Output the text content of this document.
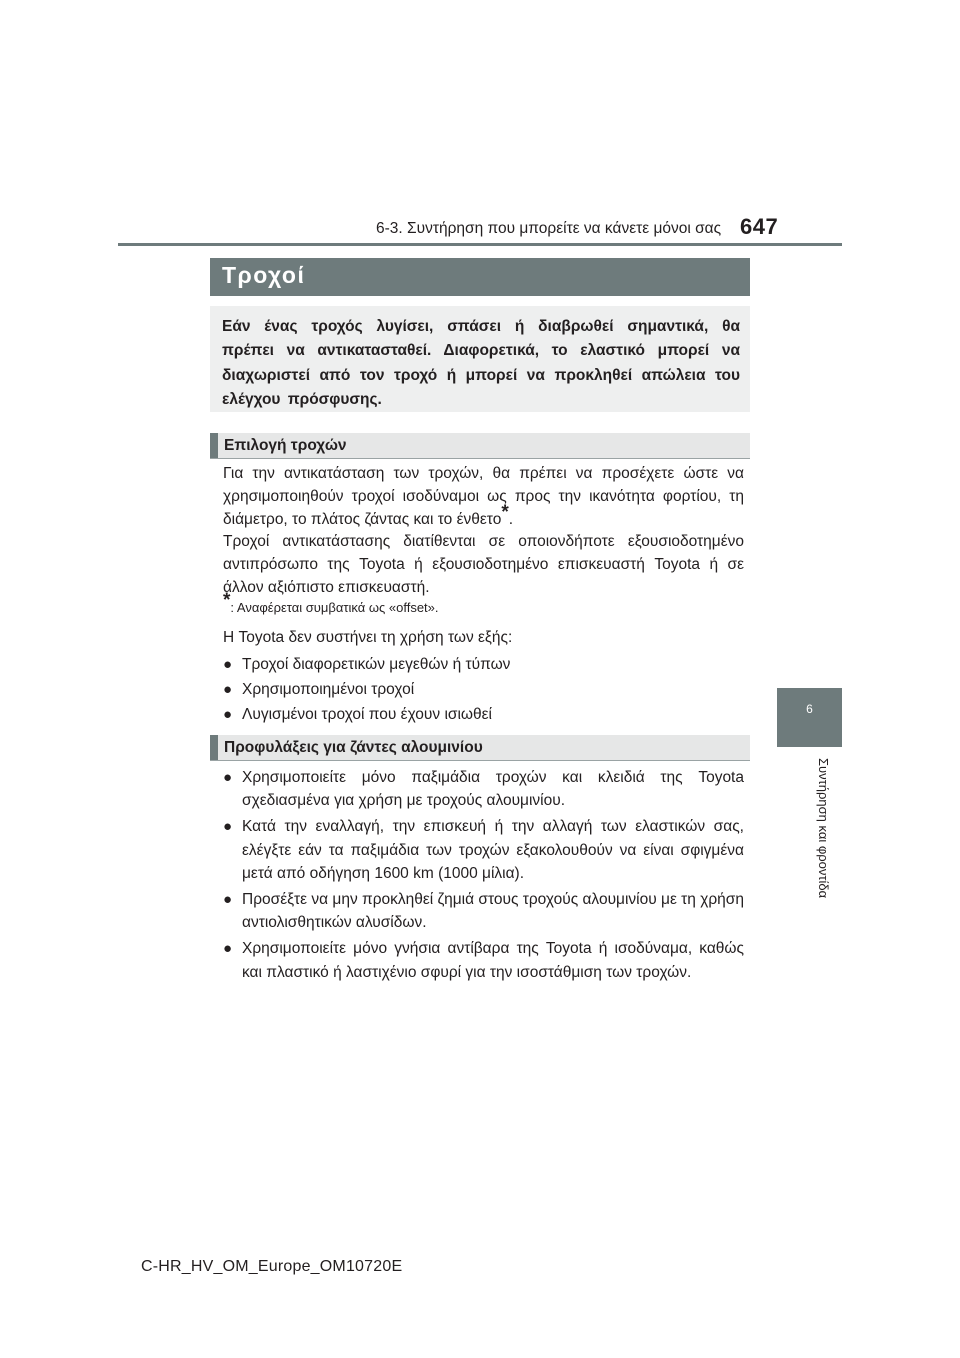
6-3. Συντήρηση που μπορείτε να κάνετε μόνοι σας 647
Τροχοί
Εάν ένας τροχός λυγίσει, σπάσει ή διαβρωθεί σημαντικά, θα πρέπει να αντικατασταθεί. Διαφορετικά, το ελαστικό μπορεί να διαχωριστεί από τον τροχό ή μπορεί να προκληθεί απώλεια του ελέγχου πρόσφυσης.
Επιλογή τροχών
Για την αντικατάσταση των τροχών, θα πρέπει να προσέχετε ώστε να χρησιμοποιηθούν τροχοί ισοδύναμοι ως προς την ικανότητα φορτίου, τη διάμετρο, το πλάτος ζάντας και το ένθετο*.
Τροχοί αντικατάστασης διατίθενται σε οποιονδήποτε εξουσιοδοτημένο αντιπρόσωπο της Toyota ή εξουσιοδοτημένο επισκευαστή Toyota ή σε άλλον αξιόπιστο επισκευαστή.
*: Αναφέρεται συμβατικά ως «offset».
Η Toyota δεν συστήνει τη χρήση των εξής:
● Τροχοί διαφορετικών μεγεθών ή τύπων
● Χρησιμοποιημένοι τροχοί
● Λυγισμένοι τροχοί που έχουν ισιωθεί
Προφυλάξεις για ζάντες αλουμινίου
● Χρησιμοποιείτε μόνο παξιμάδια τροχών και κλειδιά της Toyota σχεδιασμένα για χρήση με τροχούς αλουμινίου.
● Κατά την εναλλαγή, την επισκευή ή την αλλαγή των ελαστικών σας, ελέγξτε εάν τα παξιμάδια των τροχών εξακολουθούν να είναι σφιγμένα μετά από οδήγηση 1600 km (1000 μίλια).
● Προσέξτε να μην προκληθεί ζημιά στους τροχούς αλουμινίου με τη χρήση αντιολισθητικών αλυσίδων.
● Χρησιμοποιείτε μόνο γνήσια αντίβαρα της Toyota ή ισοδύναμα, καθώς και πλαστικό ή λαστιχένιο σφυρί για την ισοστάθμιση των τροχών.
6
Συντήρηση και φροντίδα
C-HR_HV_OM_Europe_OM10720E
